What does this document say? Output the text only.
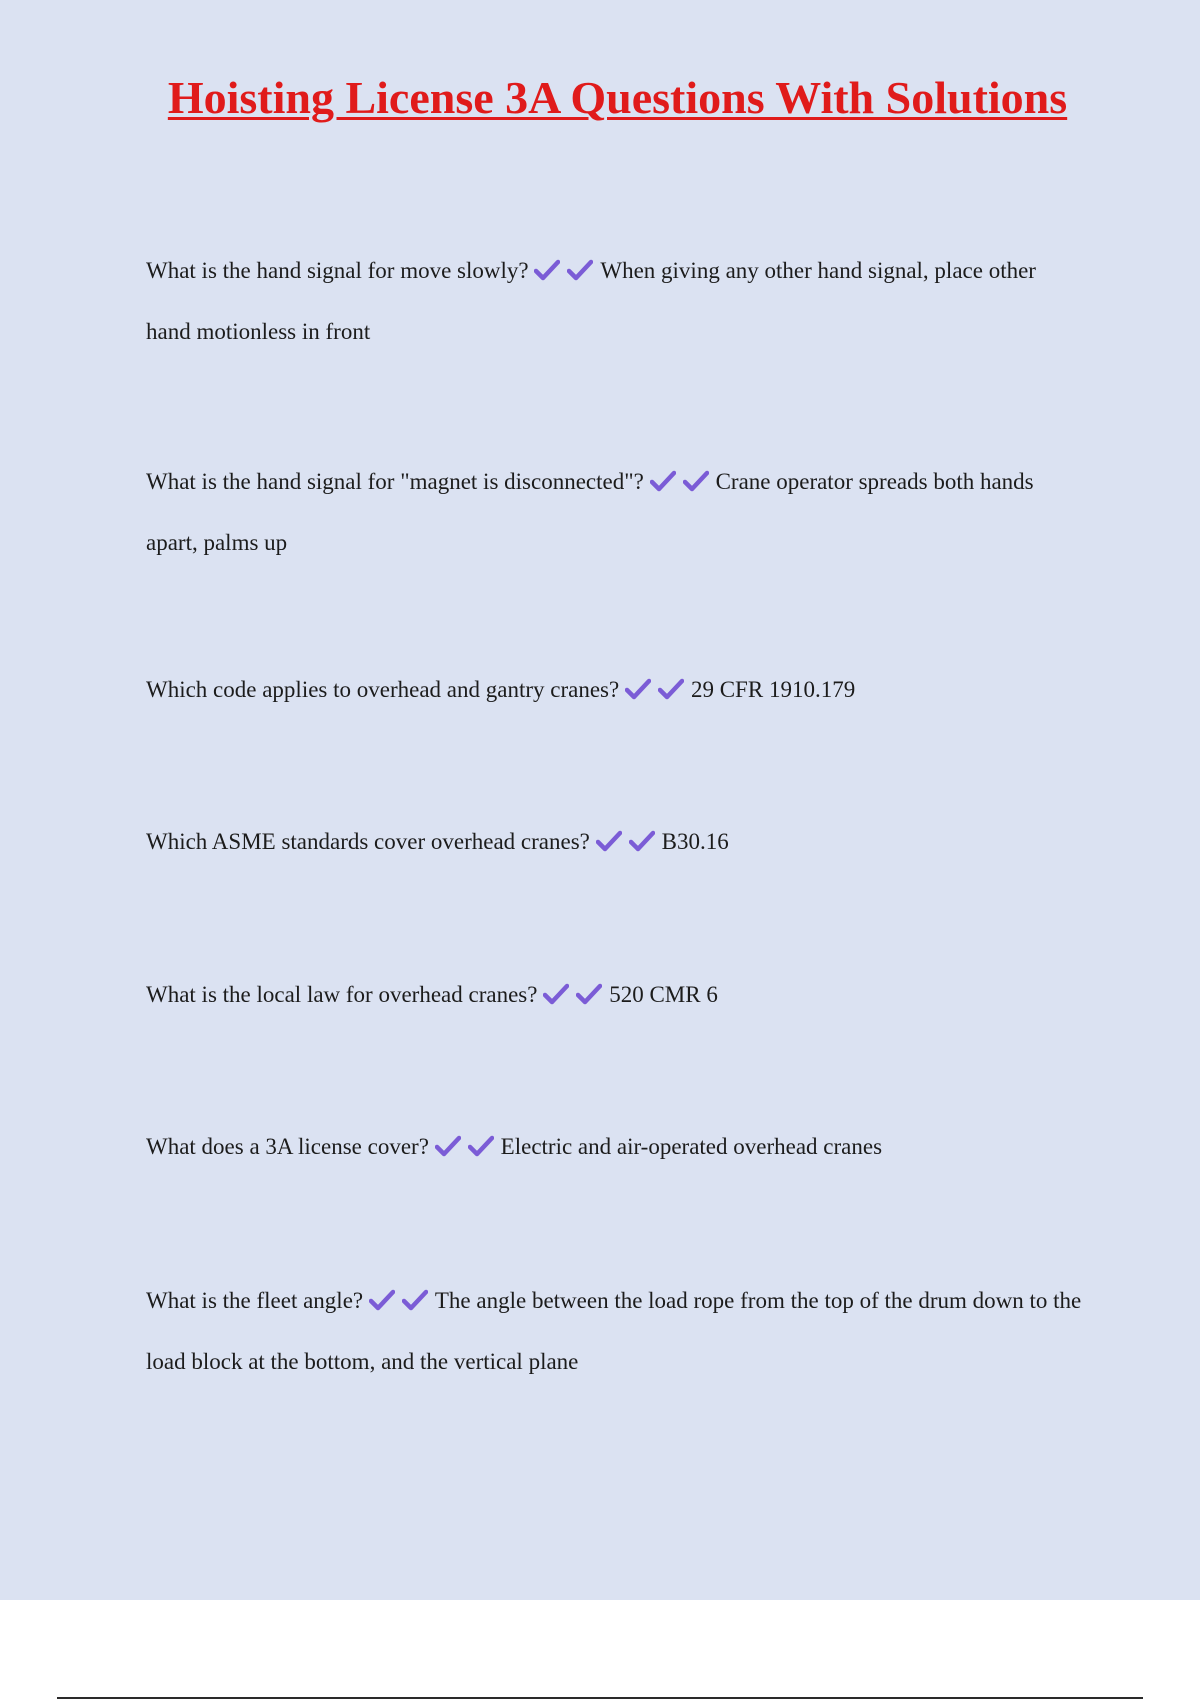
Hoisting License 3A Questions With Solutions

What is the hand signal for move slowly?	When giving any other hand signal, place other hand motionless in front

What is the hand signal for "magnet is disconnected"?	Crane operator spreads both hands apart, palms up

Which code applies to overhead and gantry cranes?	29 CFR 1910.179

Which ASME standards cover overhead cranes?	B30.16

What is the local law for overhead cranes?	520 CMR 6

What does a 3A license cover?	Electric and air-operated overhead cranes

What is the fleet angle?	The angle between the load rope from the top of the drum down to the load block at the bottom, and the vertical plane
